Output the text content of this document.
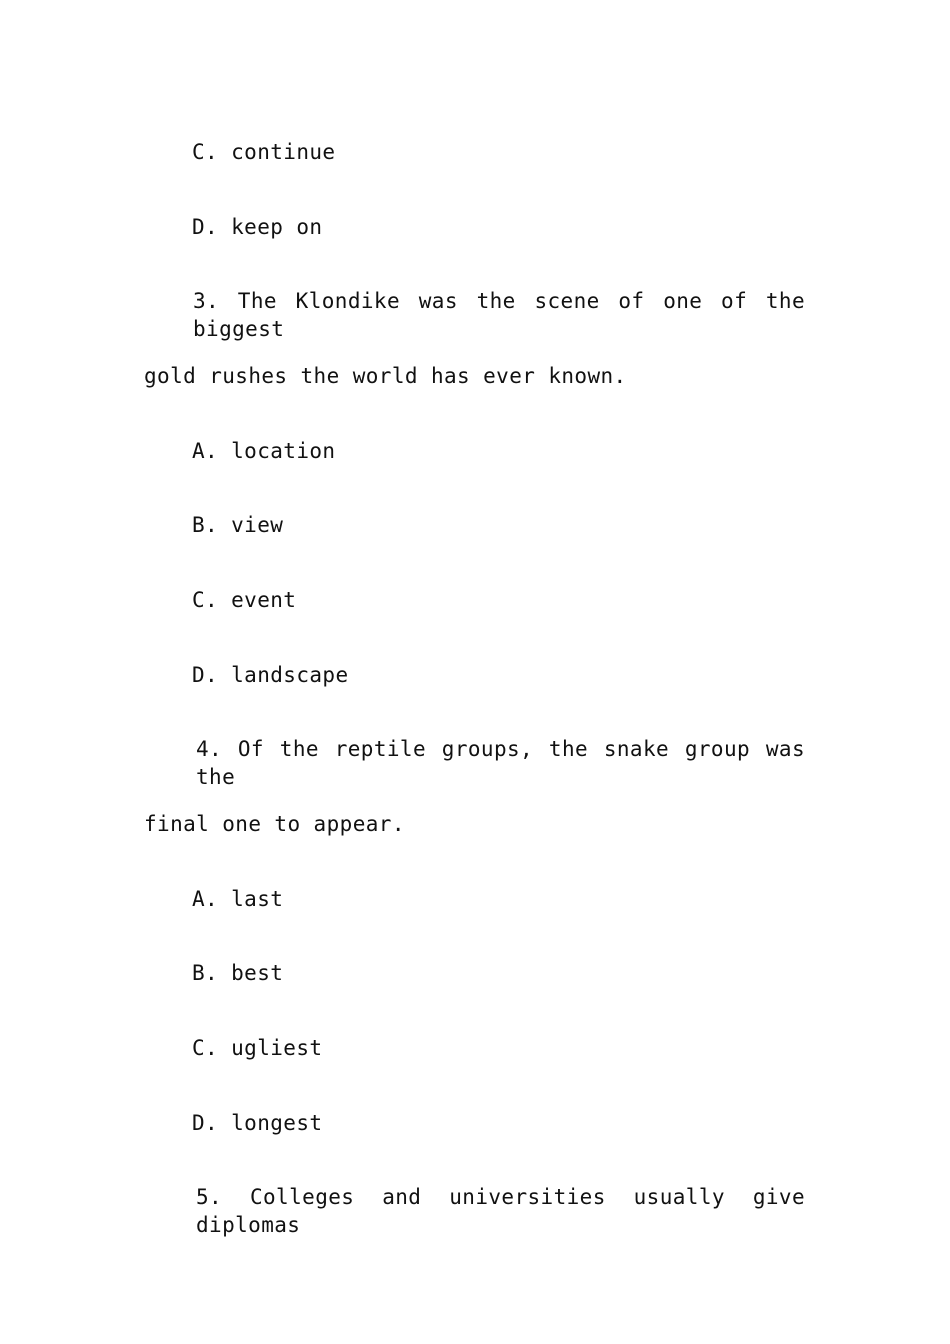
C. continue
D. keep on
3. The Klondike was the scene of one of the biggest
gold rushes the world has ever known.
A. location
B. view
C. event
D. landscape
4. Of the reptile groups, the snake group was the
final one to appear.
A. last
B. best
C. ugliest
D. longest
5. Colleges and universities usually give diplomas
